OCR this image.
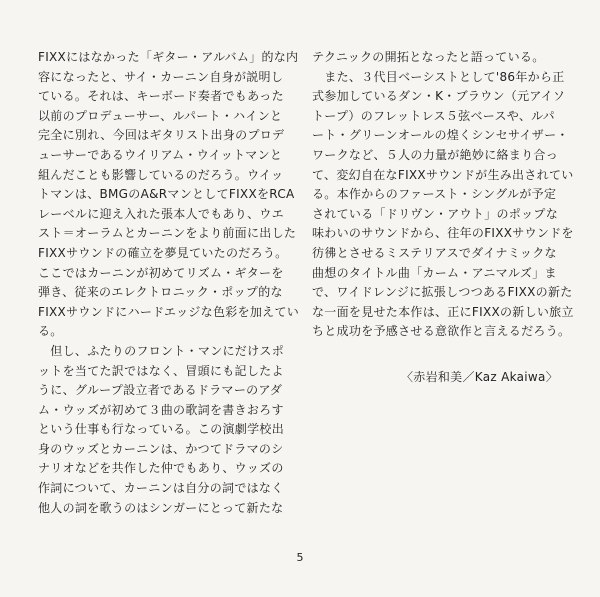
FIXXにはなかった「ギター・アルバム」的な内
容になったと、サイ・カーニン自身が説明し
ている。それは、キーボード奏者でもあった
以前のプロデューサー、ルパート・ハインと
完全に別れ、今回はギタリスト出身のプロデ
ューサーであるウイリアム・ウイットマンと
組んだことも影響しているのだろう。ウイッ
トマンは、BMGのA&RマンとしてFIXXをRCA
レーベルに迎え入れた張本人でもあり、ウエ
スト＝オーラムとカーニンをより前面に出した
FIXXサウンドの確立を夢見ていたのだろう。
ここではカーニンが初めてリズム・ギターを
弾き、従来のエレクトロニック・ポップ的な
FIXXサウンドにハードエッジな色彩を加えてい
る。
　但し、ふたりのフロント・マンにだけスポ
ットを当てた訳ではなく、冒頭にも記したよ
うに、グループ設立者であるドラマーのアダ
ム・ウッズが初めて３曲の歌詞を書きおろす
という仕事も行なっている。この演劇学校出
身のウッズとカーニンは、かつてドラマのシ
ナリオなどを共作した仲でもあり、ウッズの
作詞について、カーニンは自分の詞ではなく
他人の詞を歌うのはシンガーにとって新たな
テクニックの開拓となったと語っている。
　また、３代目ベーシストとして'86年から正
式参加しているダン・K・ブラウン（元アイソ
トープ）のフレットレス５弦ベースや、ルパ
ート・グリーンオールの煌くシンセサイザー・
ワークなど、５人の力量が絶妙に絡まり合っ
て、変幻自在なFIXXサウンドが生み出されてい
る。本作からのファースト・シングルが予定
されている「ドリヴン・アウト」のポップな
味わいのサウンドから、往年のFIXXサウンドを
彷彿とさせるミステリアスでダイナミックな
曲想のタイトル曲「カーム・アニマルズ」ま
で、ワイドレンジに拡張しつつあるFIXXの新た
な一面を見せた本作は、正にFIXXの新しい旅立
ちと成功を予感させる意欲作と言えるだろう。
〈赤岩和美／Kaz Akaiwa〉
5
